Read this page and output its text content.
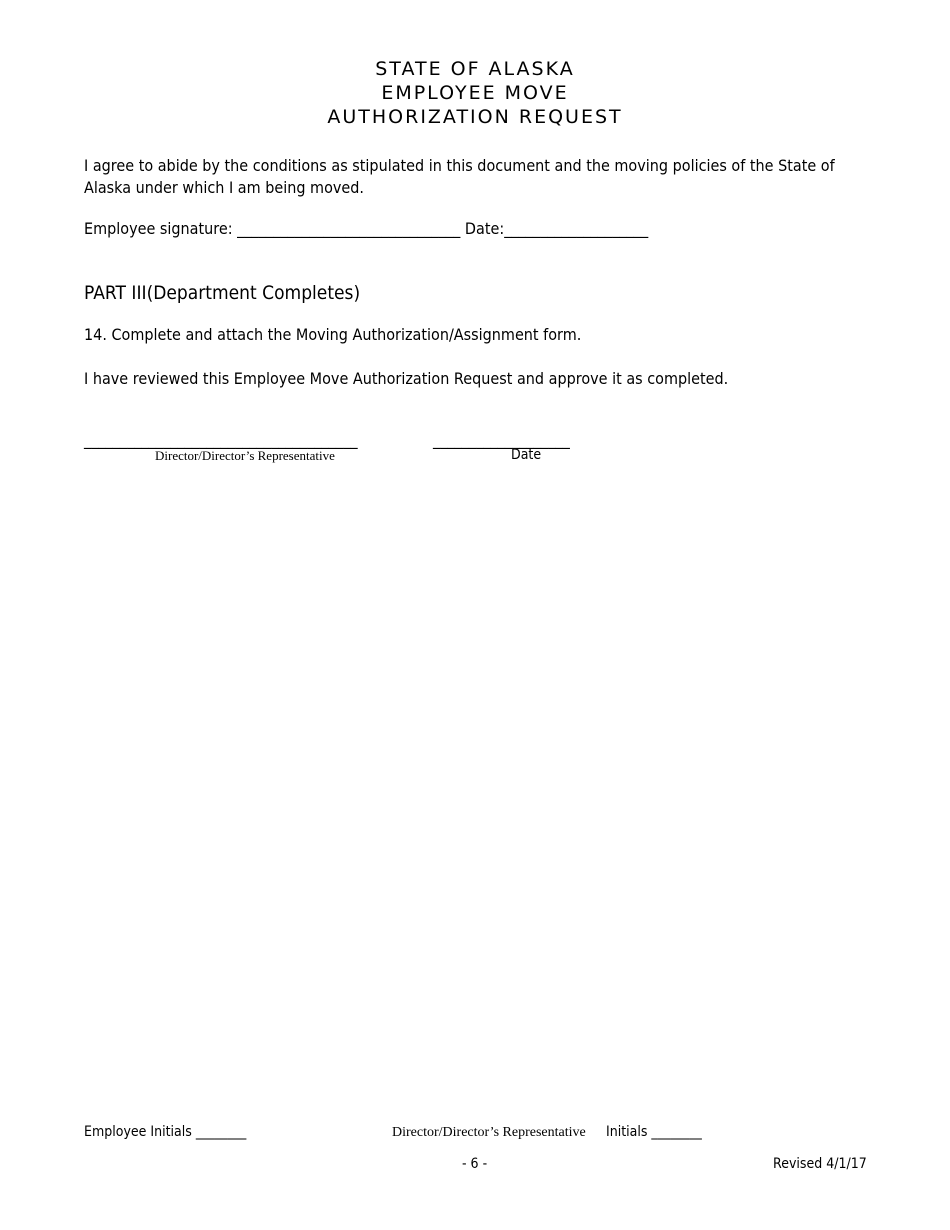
STATE OF ALASKA
EMPLOYEE MOVE
AUTHORIZATION REQUEST
I agree to abide by the conditions as stipulated in this document and the moving policies of the State of
Alaska under which I am being moved.
Employee signature: _______________________________ Date:____________________
PART III(Department Completes)
14. Complete and attach the Moving Authorization/Assignment form.
I have reviewed this Employee Move Authorization Request and approve it as completed.
______________________________________	___________________
Director/Director’s Representative	Date
Employee Initials ________	Director/Director’s Representative Initials ________
- 6 -	Revised 4/1/17
